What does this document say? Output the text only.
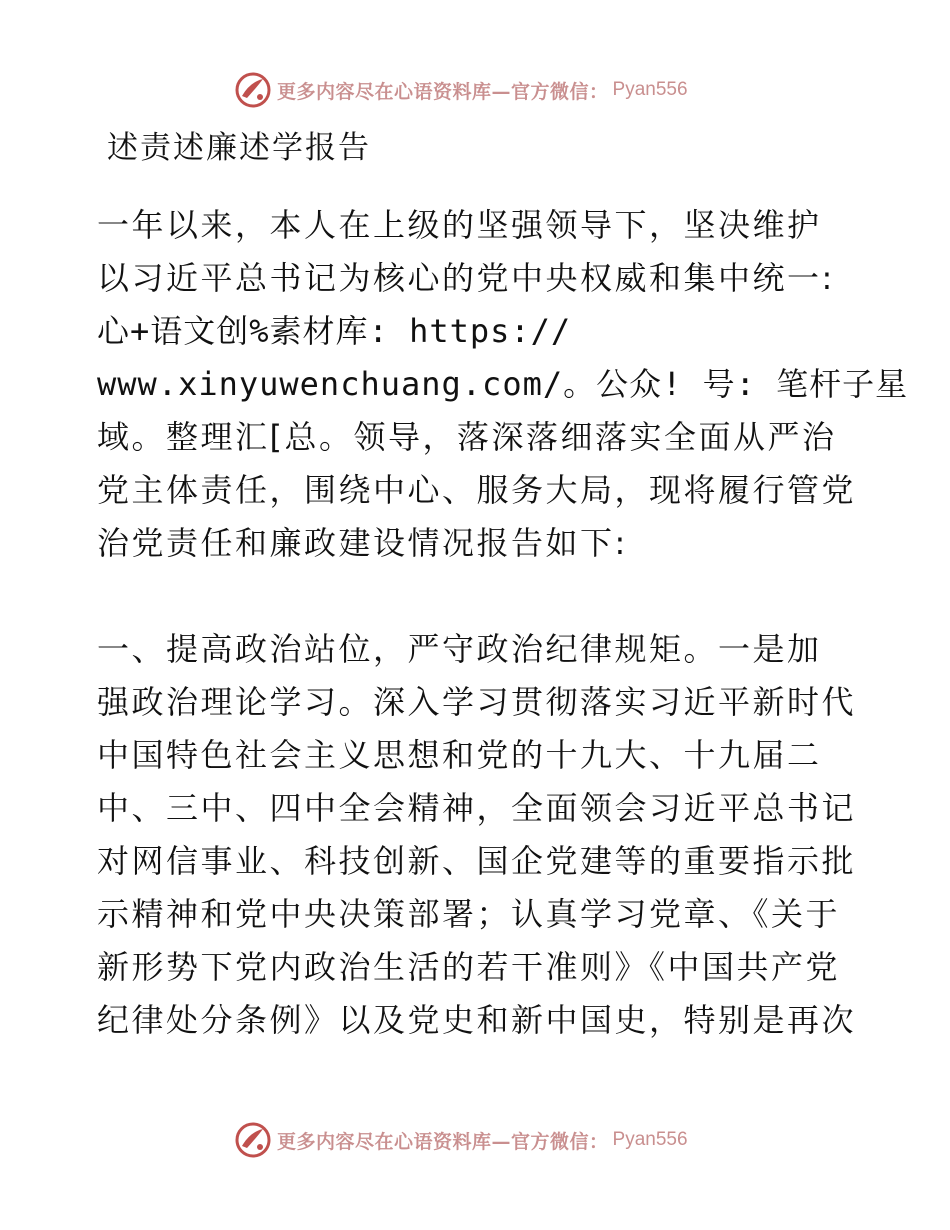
更多内容尽在心语资料库—官方微信： Pyan556
述责述廉述学报告
一年以来，本人在上级的坚强领导下，坚决维护
以习近平总书记为核心的党中央权威和集中统一:
心+语文创%素材库: https://
www.xinyuwenchuang.com/。公众! 号: 笔杆子星
域。整理汇[总。领导，落深落细落实全面从严治
党主体责任，围绕中心、服务大局，现将履行管党
治党责任和廉政建设情况报告如下:
一、提高政治站位，严守政治纪律规矩。一是加
强政治理论学习。深入学习贯彻落实习近平新时代
中国特色社会主义思想和党的十九大、十九届二
中、三中、四中全会精神，全面领会习近平总书记
对网信事业、科技创新、国企党建等的重要指示批
示精神和党中央决策部署；认真学习党章、《关于
新形势下党内政治生活的若干准则》《中国共产党
纪律处分条例》以及党史和新中国史，特别是再次
更多内容尽在心语资料库—官方微信： Pyan556
